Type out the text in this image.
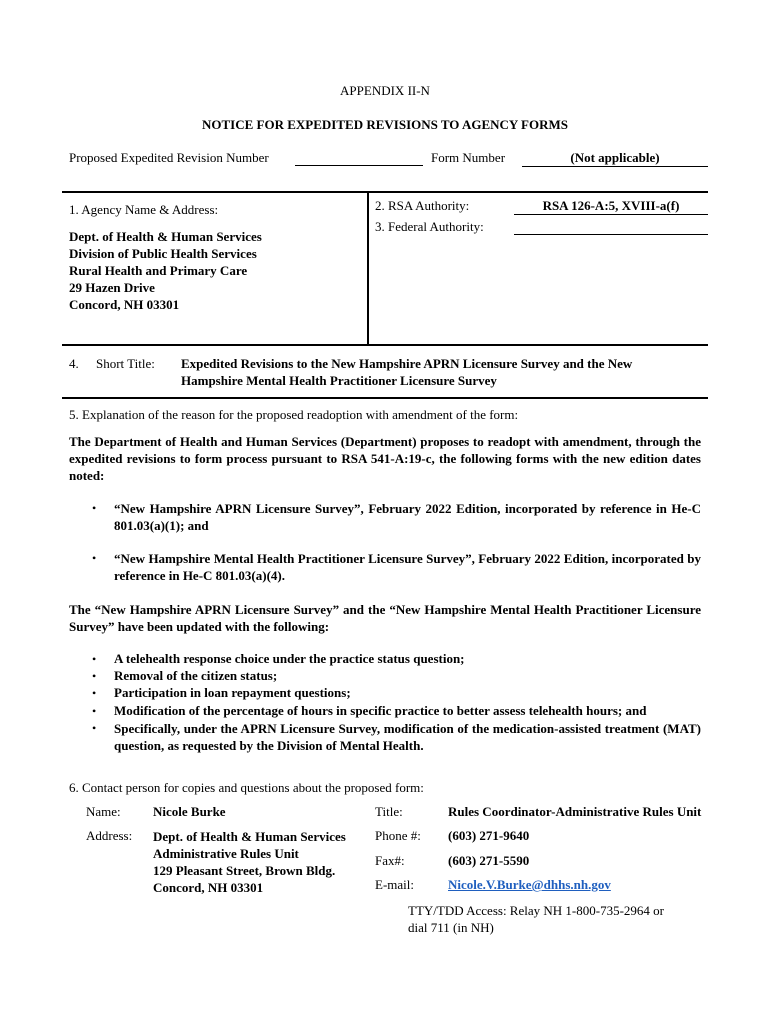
APPENDIX II-N
NOTICE FOR EXPEDITED REVISIONS TO AGENCY FORMS
Proposed Expedited Revision Number	Form Number	(Not applicable)
1. Agency Name & Address:
Dept. of Health & Human Services
Division of Public Health Services
Rural Health and Primary Care
29 Hazen Drive
Concord, NH 03301
2. RSA Authority:	RSA 126-A:5, XVIII-a(f)
3. Federal Authority:
4. Short Title: Expedited Revisions to the New Hampshire APRN Licensure Survey and the New
Hampshire Mental Health Practitioner Licensure Survey
5. Explanation of the reason for the proposed readoption with amendment of the form:
The Department of Health and Human Services (Department) proposes to readopt with amendment, through the expedited revisions to form process pursuant to RSA 541-A:19-c, the following forms with the new edition dates noted:
• “New Hampshire APRN Licensure Survey”, February 2022 Edition, incorporated by reference in He-C 801.03(a)(1); and
• “New Hampshire Mental Health Practitioner Licensure Survey”, February 2022 Edition, incorporated by reference in He-C 801.03(a)(4).
The “New Hampshire APRN Licensure Survey” and the “New Hampshire Mental Health Practitioner Licensure Survey” have been updated with the following:
• A telehealth response choice under the practice status question;
• Removal of the citizen status;
• Participation in loan repayment questions;
• Modification of the percentage of hours in specific practice to better assess telehealth hours; and
• Specifically, under the APRN Licensure Survey, modification of the medication-assisted treatment (MAT) question, as requested by the Division of Mental Health.
6. Contact person for copies and questions about the proposed form:
Name: Nicole Burke	Title:	Rules Coordinator-Administrative Rules Unit
Address: Dept. of Health & Human Services
Administrative Rules Unit
129 Pleasant Street, Brown Bldg.
Concord, NH 03301
Phone #: (603) 271-9640
Fax#:	(603) 271-5590
E-mail:	Nicole.V.Burke@dhhs.nh.gov
TTY/TDD Access: Relay NH 1-800-735-2964 or
dial 711 (in NH)
